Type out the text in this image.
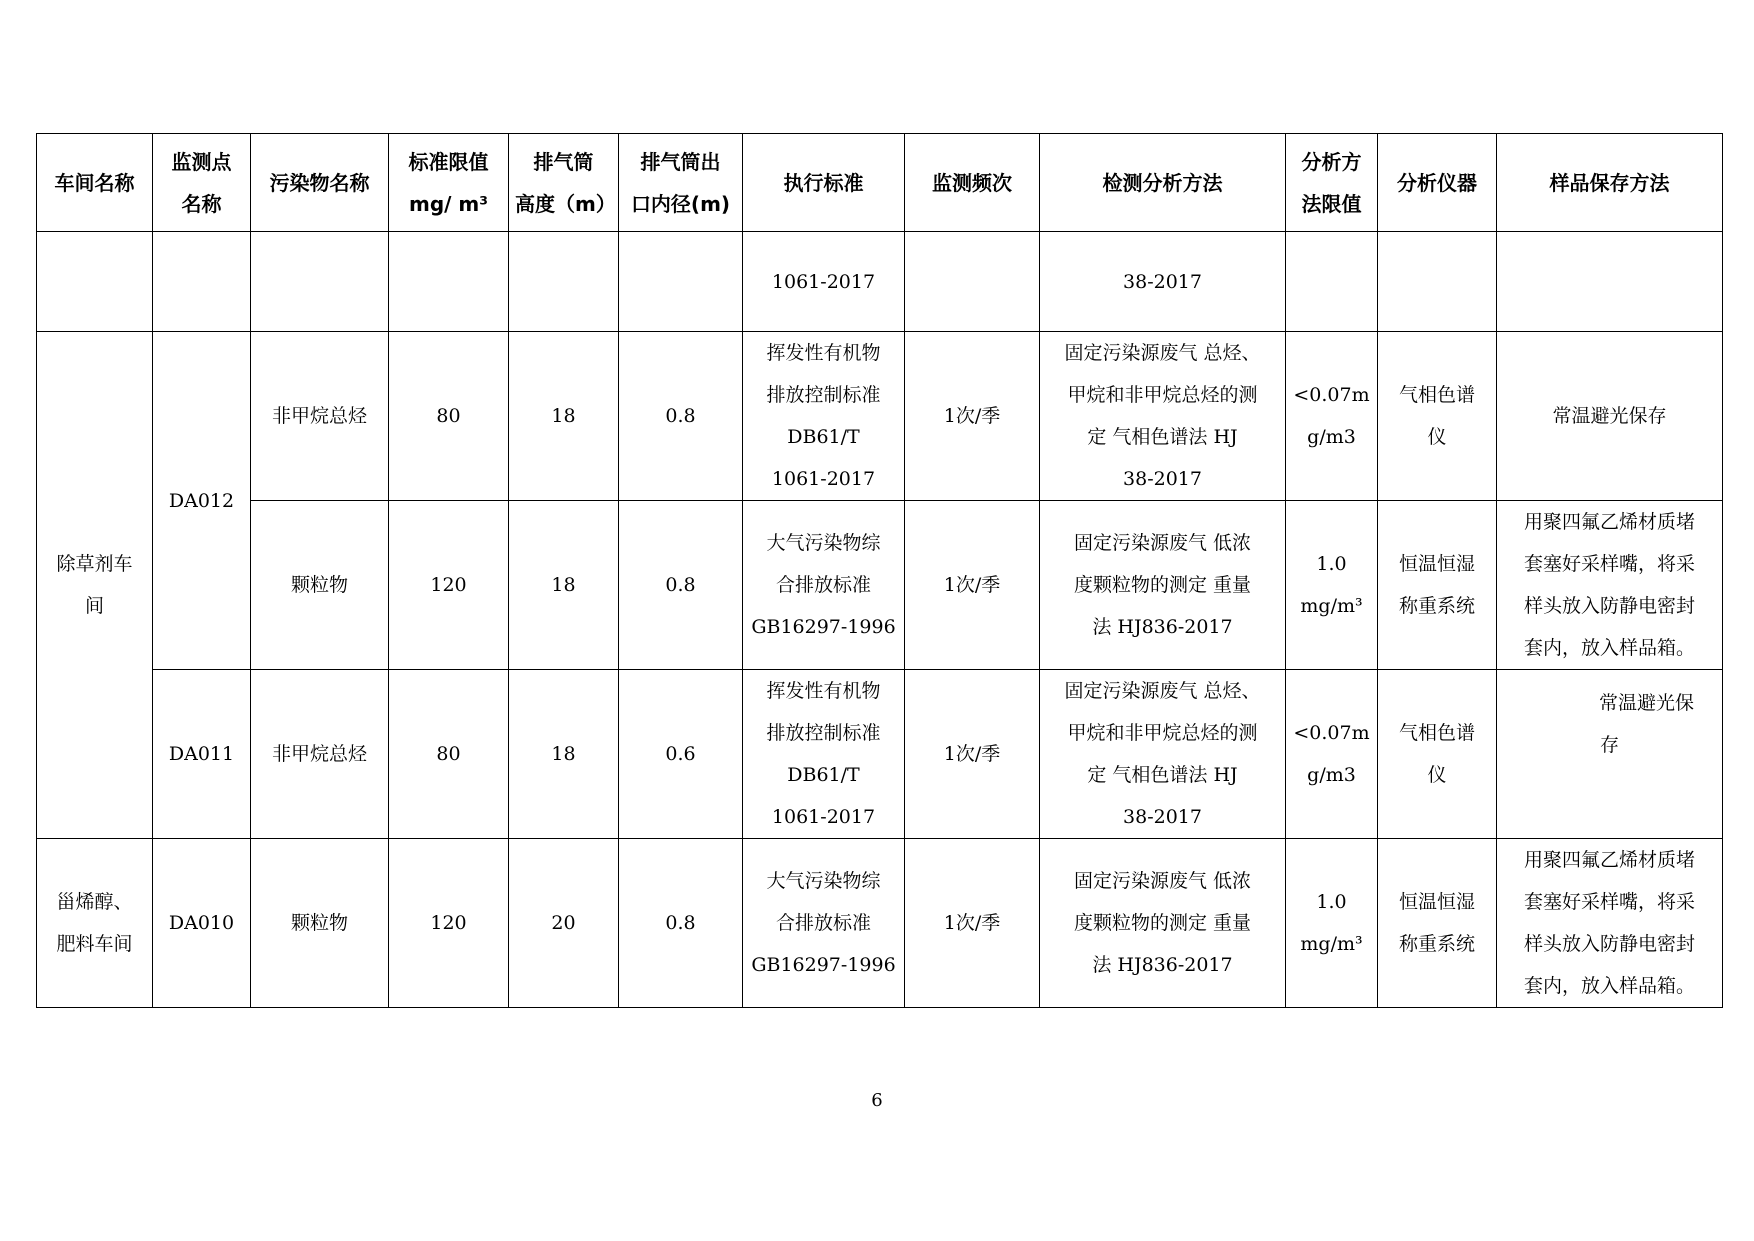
车间名称	监测点
名称	污染物名称	标准限值
mg/ m³	排气筒
高度（m）	排气筒出
口内径(m)	执行标准	监测频次	检测分析方法	分析方
法限值	分析仪器	样品保存方法
						1061-2017		38-2017			

除草剂车
间	DA012	非甲烷总烃	80	18	0.8	挥发性有机物
排放控制标准
DB61/T
1061-2017	1次/季	固定污染源废气 总烃、
甲烷和非甲烷总烃的测
定 气相色谱法 HJ
38-2017	<0.07m
g/m3	气相色谱
仪	常温避光保存

		颗粒物	120	18	0.8	大气污染物综
合排放标准
GB16297-1996	1次/季	固定污染源废气 低浓
度颗粒物的测定 重量
法 HJ836-2017	1.0
mg/m³	恒温恒湿
称重系统	用聚四氟乙烯材质堵
套塞好采样嘴，将采
样头放入防静电密封
套内，放入样品箱。

	DA011	非甲烷总烃	80	18	0.6	挥发性有机物
排放控制标准
DB61/T
1061-2017	1次/季	固定污染源废气 总烃、
甲烷和非甲烷总烃的测
定 气相色谱法 HJ
38-2017	<0.07m
g/m3	气相色谱
仪	常温避光保
存

甾烯醇、
肥料车间	DA010	颗粒物	120	20	0.8	大气污染物综
合排放标准
GB16297-1996	1次/季	固定污染源废气 低浓
度颗粒物的测定 重量
法 HJ836-2017	1.0
mg/m³	恒温恒湿
称重系统	用聚四氟乙烯材质堵
套塞好采样嘴，将采
样头放入防静电密封
套内，放入样品箱。
6
